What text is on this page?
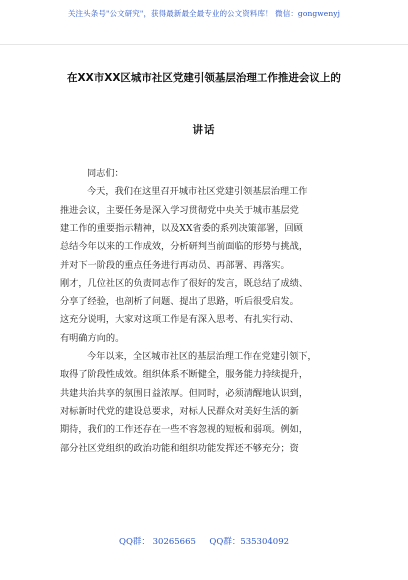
关注头条号"公文研究"，获得最新最全最专业的公文资料库！ 微信：gongwenyj
在XX市XX区城市社区党建引领基层治理工作推进会议上的
讲话
同志们：
今天，我们在这里召开城市社区党建引领基层治理工作
推进会议，主要任务是深入学习贯彻党中央关于城市基层党
建工作的重要指示精神，以及XX省委的系列决策部署，回顾
总结今年以来的工作成效，分析研判当前面临的形势与挑战，
并对下一阶段的重点任务进行再动员、再部署、再落实。
刚才，几位社区的负责同志作了很好的发言，既总结了成绩、
分享了经验，也剖析了问题、提出了思路，听后很受启发。
这充分说明，大家对这项工作是有深入思考、有扎实行动、
有明确方向的。
今年以来，全区城市社区的基层治理工作在党建引领下，
取得了阶段性成效。组织体系不断健全，服务能力持续提升，
共建共治共享的氛围日益浓厚。但同时，必须清醒地认识到，
对标新时代党的建设总要求，对标人民群众对美好生活的新
期待，我们的工作还存在一些不容忽视的短板和弱项。例如，
部分社区党组织的政治功能和组织功能发挥还不够充分；资
QQ群： 30265665     QQ群：535304092
